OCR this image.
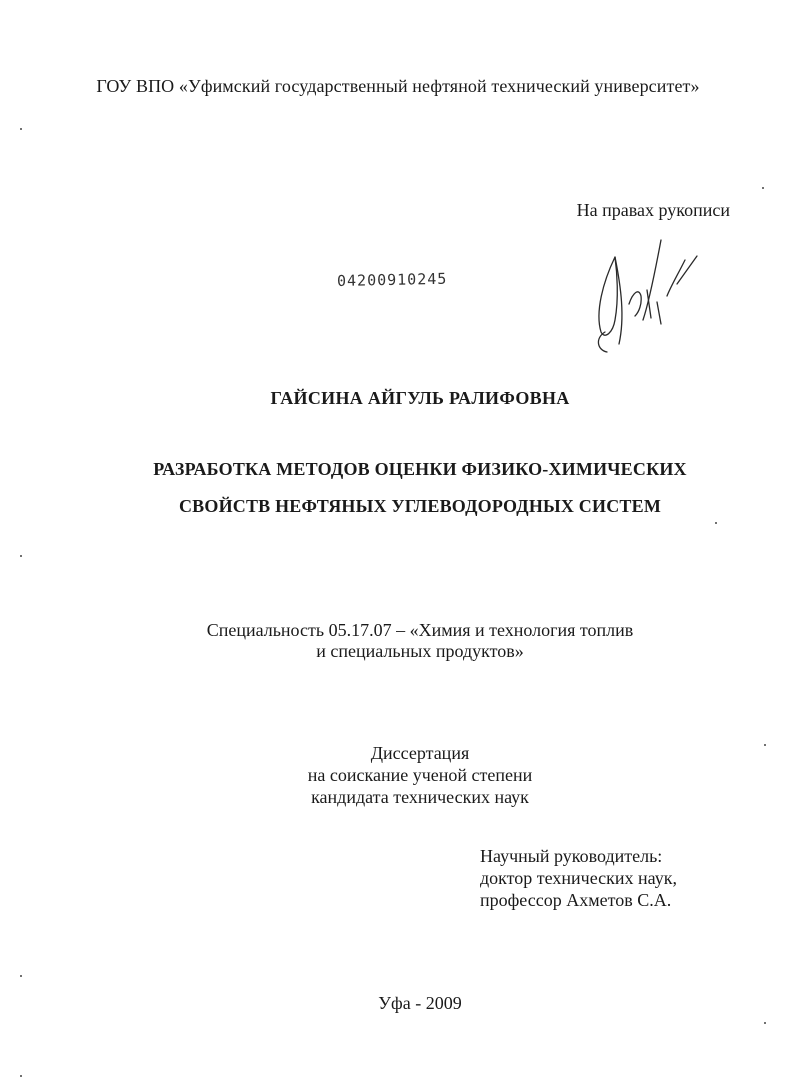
ГОУ ВПО «Уфимский государственный нефтяной технический университет»
На правах рукописи
04200910245
ГАЙСИНА АЙГУЛЬ РАЛИФОВНА
РАЗРАБОТКА МЕТОДОВ ОЦЕНКИ ФИЗИКО-ХИМИЧЕСКИХ
СВОЙСТВ НЕФТЯНЫХ УГЛЕВОДОРОДНЫХ СИСТЕМ
Специальность 05.17.07 – «Химия и технология топлив
и специальных продуктов»
Диссертация
на соискание ученой степени
кандидата технических наук
Научный руководитель:
доктор технических наук,
профессор Ахметов С.А.
Уфа - 2009
